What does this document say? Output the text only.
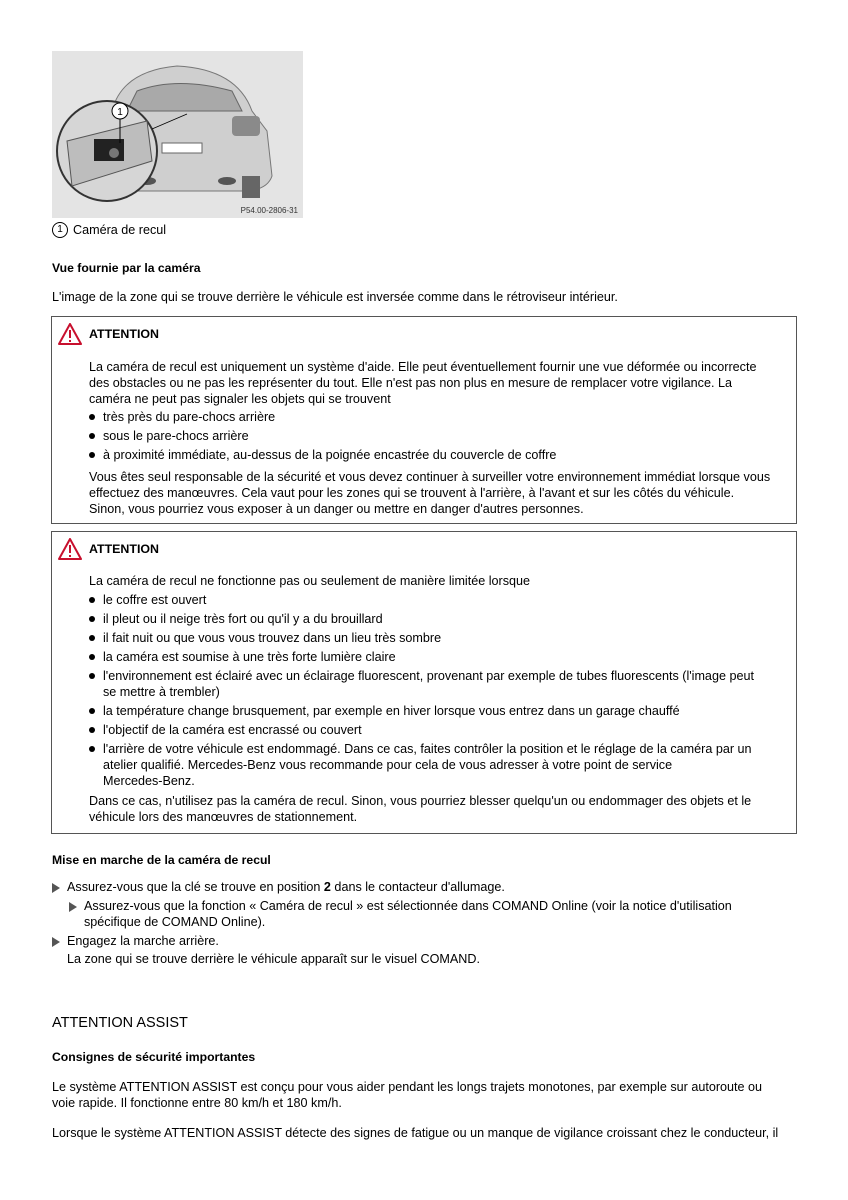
1
P54.00-2806-31
1 Caméra de recul
Vue fournie par la caméra
L'image de la zone qui se trouve derrière le véhicule est inversée comme dans le rétroviseur intérieur.
ATTENTION
La caméra de recul est uniquement un système d'aide. Elle peut éventuellement fournir une vue déformée ou incorrecte
des obstacles ou ne pas les représenter du tout. Elle n'est pas non plus en mesure de remplacer votre vigilance. La
caméra ne peut pas signaler les objets qui se trouvent
très près du pare-chocs arrière
sous le pare-chocs arrière
à proximité immédiate, au-dessus de la poignée encastrée du couvercle de coffre
Vous êtes seul responsable de la sécurité et vous devez continuer à surveiller votre environnement immédiat lorsque vous
effectuez des manœuvres. Cela vaut pour les zones qui se trouvent à l'arrière, à l'avant et sur les côtés du véhicule.
Sinon, vous pourriez vous exposer à un danger ou mettre en danger d'autres personnes.
ATTENTION
La caméra de recul ne fonctionne pas ou seulement de manière limitée lorsque
le coffre est ouvert
il pleut ou il neige très fort ou qu'il y a du brouillard
il fait nuit ou que vous vous trouvez dans un lieu très sombre
la caméra est soumise à une très forte lumière claire
l'environnement est éclairé avec un éclairage fluorescent, provenant par exemple de tubes fluorescents (l'image peut
se mettre à trembler)
la température change brusquement, par exemple en hiver lorsque vous entrez dans un garage chauffé
l'objectif de la caméra est encrassé ou couvert
l'arrière de votre véhicule est endommagé. Dans ce cas, faites contrôler la position et le réglage de la caméra par un
atelier qualifié. Mercedes-Benz vous recommande pour cela de vous adresser à votre point de service
Mercedes-Benz.
Dans ce cas, n'utilisez pas la caméra de recul. Sinon, vous pourriez blesser quelqu'un ou endommager des objets et le
véhicule lors des manœuvres de stationnement.
Mise en marche de la caméra de recul
Assurez-vous que la clé se trouve en position 2 dans le contacteur d'allumage.
Assurez-vous que la fonction « Caméra de recul » est sélectionnée dans COMAND Online (voir la notice d'utilisation
spécifique de COMAND Online).
Engagez la marche arrière.
La zone qui se trouve derrière le véhicule apparaît sur le visuel COMAND.
ATTENTION ASSIST
Consignes de sécurité importantes
Le système ATTENTION ASSIST est conçu pour vous aider pendant les longs trajets monotones, par exemple sur autoroute ou
voie rapide. Il fonctionne entre 80 km/h et 180 km/h.
Lorsque le système ATTENTION ASSIST détecte des signes de fatigue ou un manque de vigilance croissant chez le conducteur, il
